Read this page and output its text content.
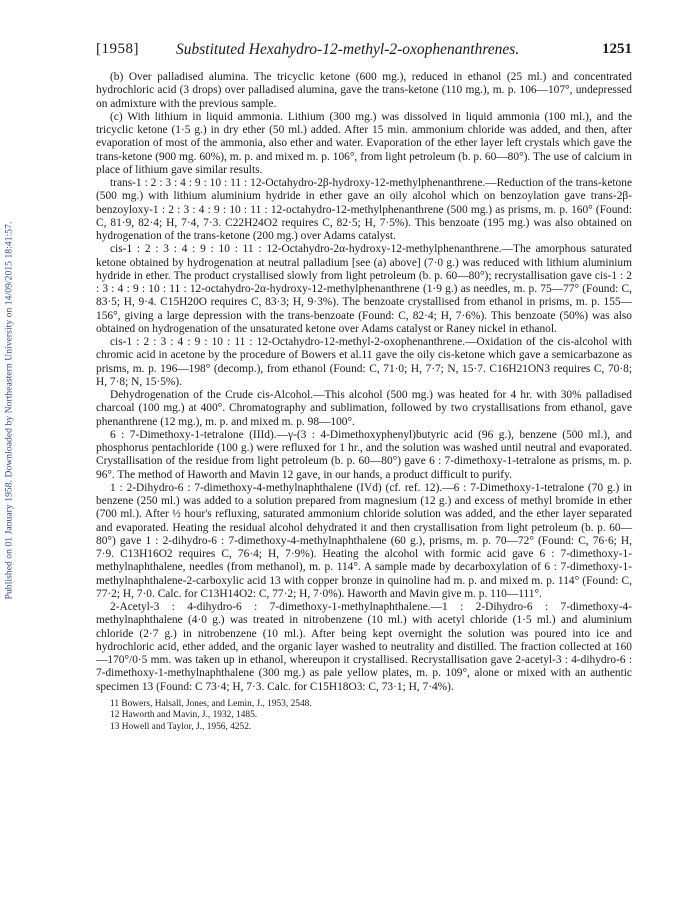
Published on 01 January 1958. Downloaded by Northeastern University on 14/09/2015 18:41:57.
[1958] Substituted Hexahydro-12-methyl-2-oxophenanthrenes.	1251

(b) Over palladised alumina. The tricyclic ketone (600 mg.), reduced in ethanol (25 ml.) and concentrated hydrochloric acid (3 drops) over palladised alumina, gave the trans-ketone (110 mg.), m. p. 106—107°, undepressed on admixture with the previous sample.

(c) With lithium in liquid ammonia. Lithium (300 mg.) was dissolved in liquid ammonia (100 ml.), and the tricyclic ketone (1·5 g.) in dry ether (50 ml.) added. After 15 min. ammonium chloride was added, and then, after evaporation of most of the ammonia, also ether and water. Evaporation of the ether layer left crystals which gave the trans-ketone (900 mg. 60%), m. p. and mixed m. p. 106°, from light petroleum (b. p. 60—80°). The use of calcium in place of lithium gave similar results.

trans-1 : 2 : 3 : 4 : 9 : 10 : 11 : 12-Octahydro-2β-hydroxy-12-methylphenanthrene.—Reduction of the trans-ketone (500 mg.) with lithium aluminium hydride in ether gave an oily alcohol which on benzoylation gave trans-2β-benzoyloxy-1 : 2 : 3 : 4 : 9 : 10 : 11 : 12-octahydro-12-methylphenanthrene (500 mg.) as prisms, m. p. 160° (Found: C, 81·9, 82·4; H, 7·4, 7·3. C22H24O2 requires C, 82·5; H, 7·5%). This benzoate (195 mg.) was also obtained on hydrogenation of the trans-ketone (200 mg.) over Adams catalyst.

cis-1 : 2 : 3 : 4 : 9 : 10 : 11 : 12-Octahydro-2α-hydroxy-12-methylphenanthrene.—The amorphous saturated ketone obtained by hydrogenation at neutral palladium [see (a) above] (7·0 g.) was reduced with lithium aluminium hydride in ether. The product crystallised slowly from light petroleum (b. p. 60—80°); recrystallisation gave cis-1 : 2 : 3 : 4 : 9 : 10 : 11 : 12-octahydro-2α-hydroxy-12-methylphenanthrene (1·9 g.) as needles, m. p. 75—77° (Found: C, 83·5; H, 9·4. C15H20O requires C, 83·3; H, 9·3%). The benzoate crystallised from ethanol in prisms, m. p. 155—156°, giving a large depression with the trans-benzoate (Found: C, 82·4; H, 7·6%). This benzoate (50%) was also obtained on hydrogenation of the unsaturated ketone over Adams catalyst or Raney nickel in ethanol.

cis-1 : 2 : 3 : 4 : 9 : 10 : 11 : 12-Octahydro-12-methyl-2-oxophenanthrene.—Oxidation of the cis-alcohol with chromic acid in acetone by the procedure of Bowers et al.11 gave the oily cis-ketone which gave a semicarbazone as prisms, m. p. 196—198° (decomp.), from ethanol (Found: C, 71·0; H, 7·7; N, 15·7. C16H21ON3 requires C, 70·8; H, 7·8; N, 15·5%).

Dehydrogenation of the Crude cis-Alcohol.—This alcohol (500 mg.) was heated for 4 hr. with 30% palladised charcoal (100 mg.) at 400°. Chromatography and sublimation, followed by two crystallisations from ethanol, gave phenanthrene (12 mg.), m. p. and mixed m. p. 98—100°.

6 : 7-Dimethoxy-1-tetralone (IIId).—γ-(3 : 4-Dimethoxyphenyl)butyric acid (96 g.), benzene (500 ml.), and phosphorus pentachloride (100 g.) were refluxed for 1 hr., and the solution was washed until neutral and evaporated. Crystallisation of the residue from light petroleum (b. p. 60—80°) gave 6 : 7-dimethoxy-1-tetralone as prisms, m. p. 96°. The method of Haworth and Mavin 12 gave, in our hands, a product difficult to purify.

1 : 2-Dihydro-6 : 7-dimethoxy-4-methylnaphthalene (IVd) (cf. ref. 12).—6 : 7-Dimethoxy-1-tetralone (70 g.) in benzene (250 ml.) was added to a solution prepared from magnesium (12 g.) and excess of methyl bromide in ether (700 ml.). After ½ hour's refluxing, saturated ammonium chloride solution was added, and the ether layer separated and evaporated. Heating the residual alcohol dehydrated it and then crystallisation from light petroleum (b. p. 60—80°) gave 1 : 2-dihydro-6 : 7-dimethoxy-4-methylnaphthalene (60 g.), prisms, m. p. 70—72° (Found: C, 76·6; H, 7·9. C13H16O2 requires C, 76·4; H, 7·9%). Heating the alcohol with formic acid gave 6 : 7-dimethoxy-1-methylnaphthalene, needles (from methanol), m. p. 114°. A sample made by decarboxylation of 6 : 7-dimethoxy-1-methylnaphthalene-2-carboxylic acid 13 with copper bronze in quinoline had m. p. and mixed m. p. 114° (Found: C, 77·2; H, 7·0. Calc. for C13H14O2: C, 77·2; H, 7·0%). Haworth and Mavin give m. p. 110—111°.

2-Acetyl-3 : 4-dihydro-6 : 7-dimethoxy-1-methylnaphthalene.—1 : 2-Dihydro-6 : 7-dimethoxy-4-methylnaphthalene (4·0 g.) was treated in nitrobenzene (10 ml.) with acetyl chloride (1·5 ml.) and aluminium chloride (2·7 g.) in nitrobenzene (10 ml.). After being kept overnight the solution was poured into ice and hydrochloric acid, ether added, and the organic layer washed to neutrality and distilled. The fraction collected at 160—170°/0·5 mm. was taken up in ethanol, whereupon it crystallised. Recrystallisation gave 2-acetyl-3 : 4-dihydro-6 : 7-dimethoxy-1-methylnaphthalene (300 mg.) as pale yellow plates, m. p. 109°, alone or mixed with an authentic specimen 13 (Found: C 73·4; H, 7·3. Calc. for C15H18O3: C, 73·1; H, 7·4%).

11 Bowers, Halsall, Jones, and Lemin, J., 1953, 2548.

12 Haworth and Mavin, J., 1932, 1485.

13 Howell and Taylor, J., 1956, 4252.
